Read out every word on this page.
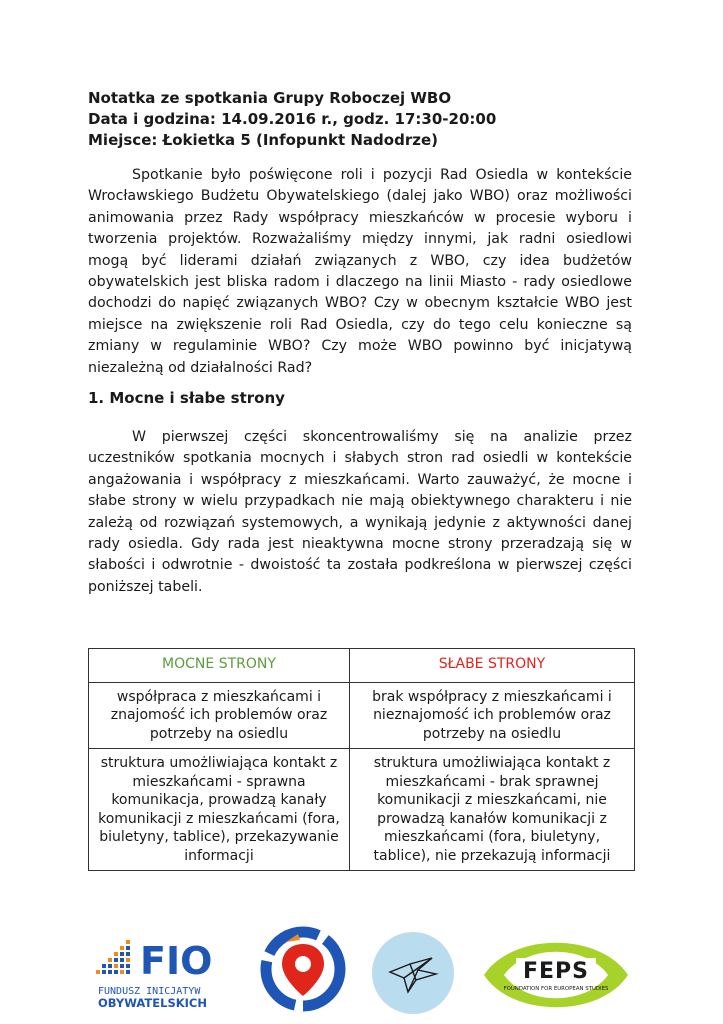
Notatka ze spotkania Grupy Roboczej WBO
Data i godzina: 14.09.2016 r., godz. 17:30-20:00
Miejsce: Łokietka 5 (Infopunkt Nadodrze)
Spotkanie było poświęcone roli i pozycji Rad Osiedla w kontekście Wrocławskiego Budżetu Obywatelskiego (dalej jako WBO) oraz możliwości animowania przez Rady współpracy mieszkańców w procesie wyboru i tworzenia projektów. Rozważaliśmy między innymi, jak radni osiedlowi mogą być liderami działań związanych z WBO, czy idea budżetów obywatelskich jest bliska radom i dlaczego na linii Miasto - rady osiedlowe dochodzi do napięć związanych WBO? Czy w obecnym kształcie WBO jest miejsce na zwiększenie roli Rad Osiedla, czy do tego celu konieczne są zmiany w regulaminie WBO? Czy może WBO powinno być inicjatywą niezależną od działalności Rad?
1. Mocne i słabe strony
W pierwszej części skoncentrowaliśmy się na analizie przez uczestników spotkania mocnych i słabych stron rad osiedli w kontekście angażowania i współpracy z mieszkańcami. Warto zauważyć, że mocne i słabe strony w wielu przypadkach nie mają obiektywnego charakteru i nie zależą od rozwiązań systemowych, a wynikają jedynie z aktywności danej rady osiedla. Gdy rada jest nieaktywna mocne strony przeradzają się w słabości i odwrotnie - dwoistość ta została podkreślona w pierwszej części poniższej tabeli.
MOCNE STRONY	SŁABE STRONY
współpraca z mieszkańcami i znajomość ich problemów oraz potrzeby na osiedlu	brak współpracy z mieszkańcami i nieznajomość ich problemów oraz potrzeby na osiedlu
struktura umożliwiająca kontakt z mieszkańcami - sprawna komunikacja, prowadzą kanały komunikacji z mieszkańcami (fora, biuletyny, tablice), przekazywanie informacji	struktura umożliwiająca kontakt z mieszkańcami - brak sprawnej komunikacji z mieszkańcami, nie prowadzą kanałów komunikacji z mieszkańcami (fora, biuletyny, tablice), nie przekazują informacji
FIO
FUNDUSZ INICJATYW
OBYWATELSKICH
FEPS
FOUNDATION FOR EUROPEAN STUDIES
